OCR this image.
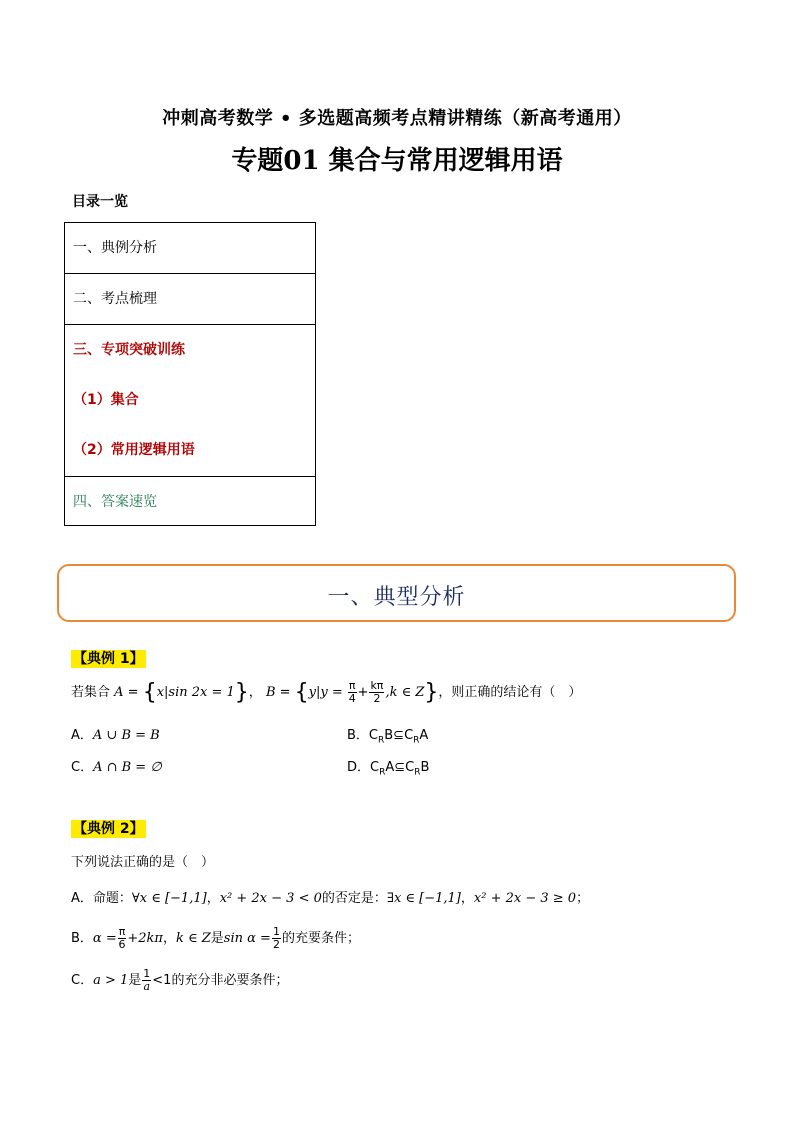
冲刺高考数学 • 多选题高频考点精讲精练（新高考通用）
专题01 集合与常用逻辑用语
目录一览
一、典例分析
二、考点梳理
三、专项突破训练
（1）集合
（2）常用逻辑用语
四、答案速览
一、典型分析
【典例 1】
若集合 A = {x|sin 2x = 1}， $B = \{y|y = \frac{\pi}{4} + \frac{k\pi}{2} ,k$ ∈ Z}，则正确的结论有（　）
A．A ∪ B = B	B．$C_RB⊆C_RA$
C．A ∩ B = ∅	D．$C_RA⊆C_RB$
【典例 2】
下列说法正确的是（　）
A．命题：∀x ∈ [−1,1]，x² + 2x − 3 < 0的否定是：∃x ∈ [−1,1]，x² + 2x − 3 ≥ 0；
B．$\alpha = \frac{\pi}{6} +2k\pi$，k ∈ Z是$\sin \alpha = \frac{1}{2}$ 的充要条件；
C．a > 1是 $\frac{1}{a} <1$的充分非必要条件；
